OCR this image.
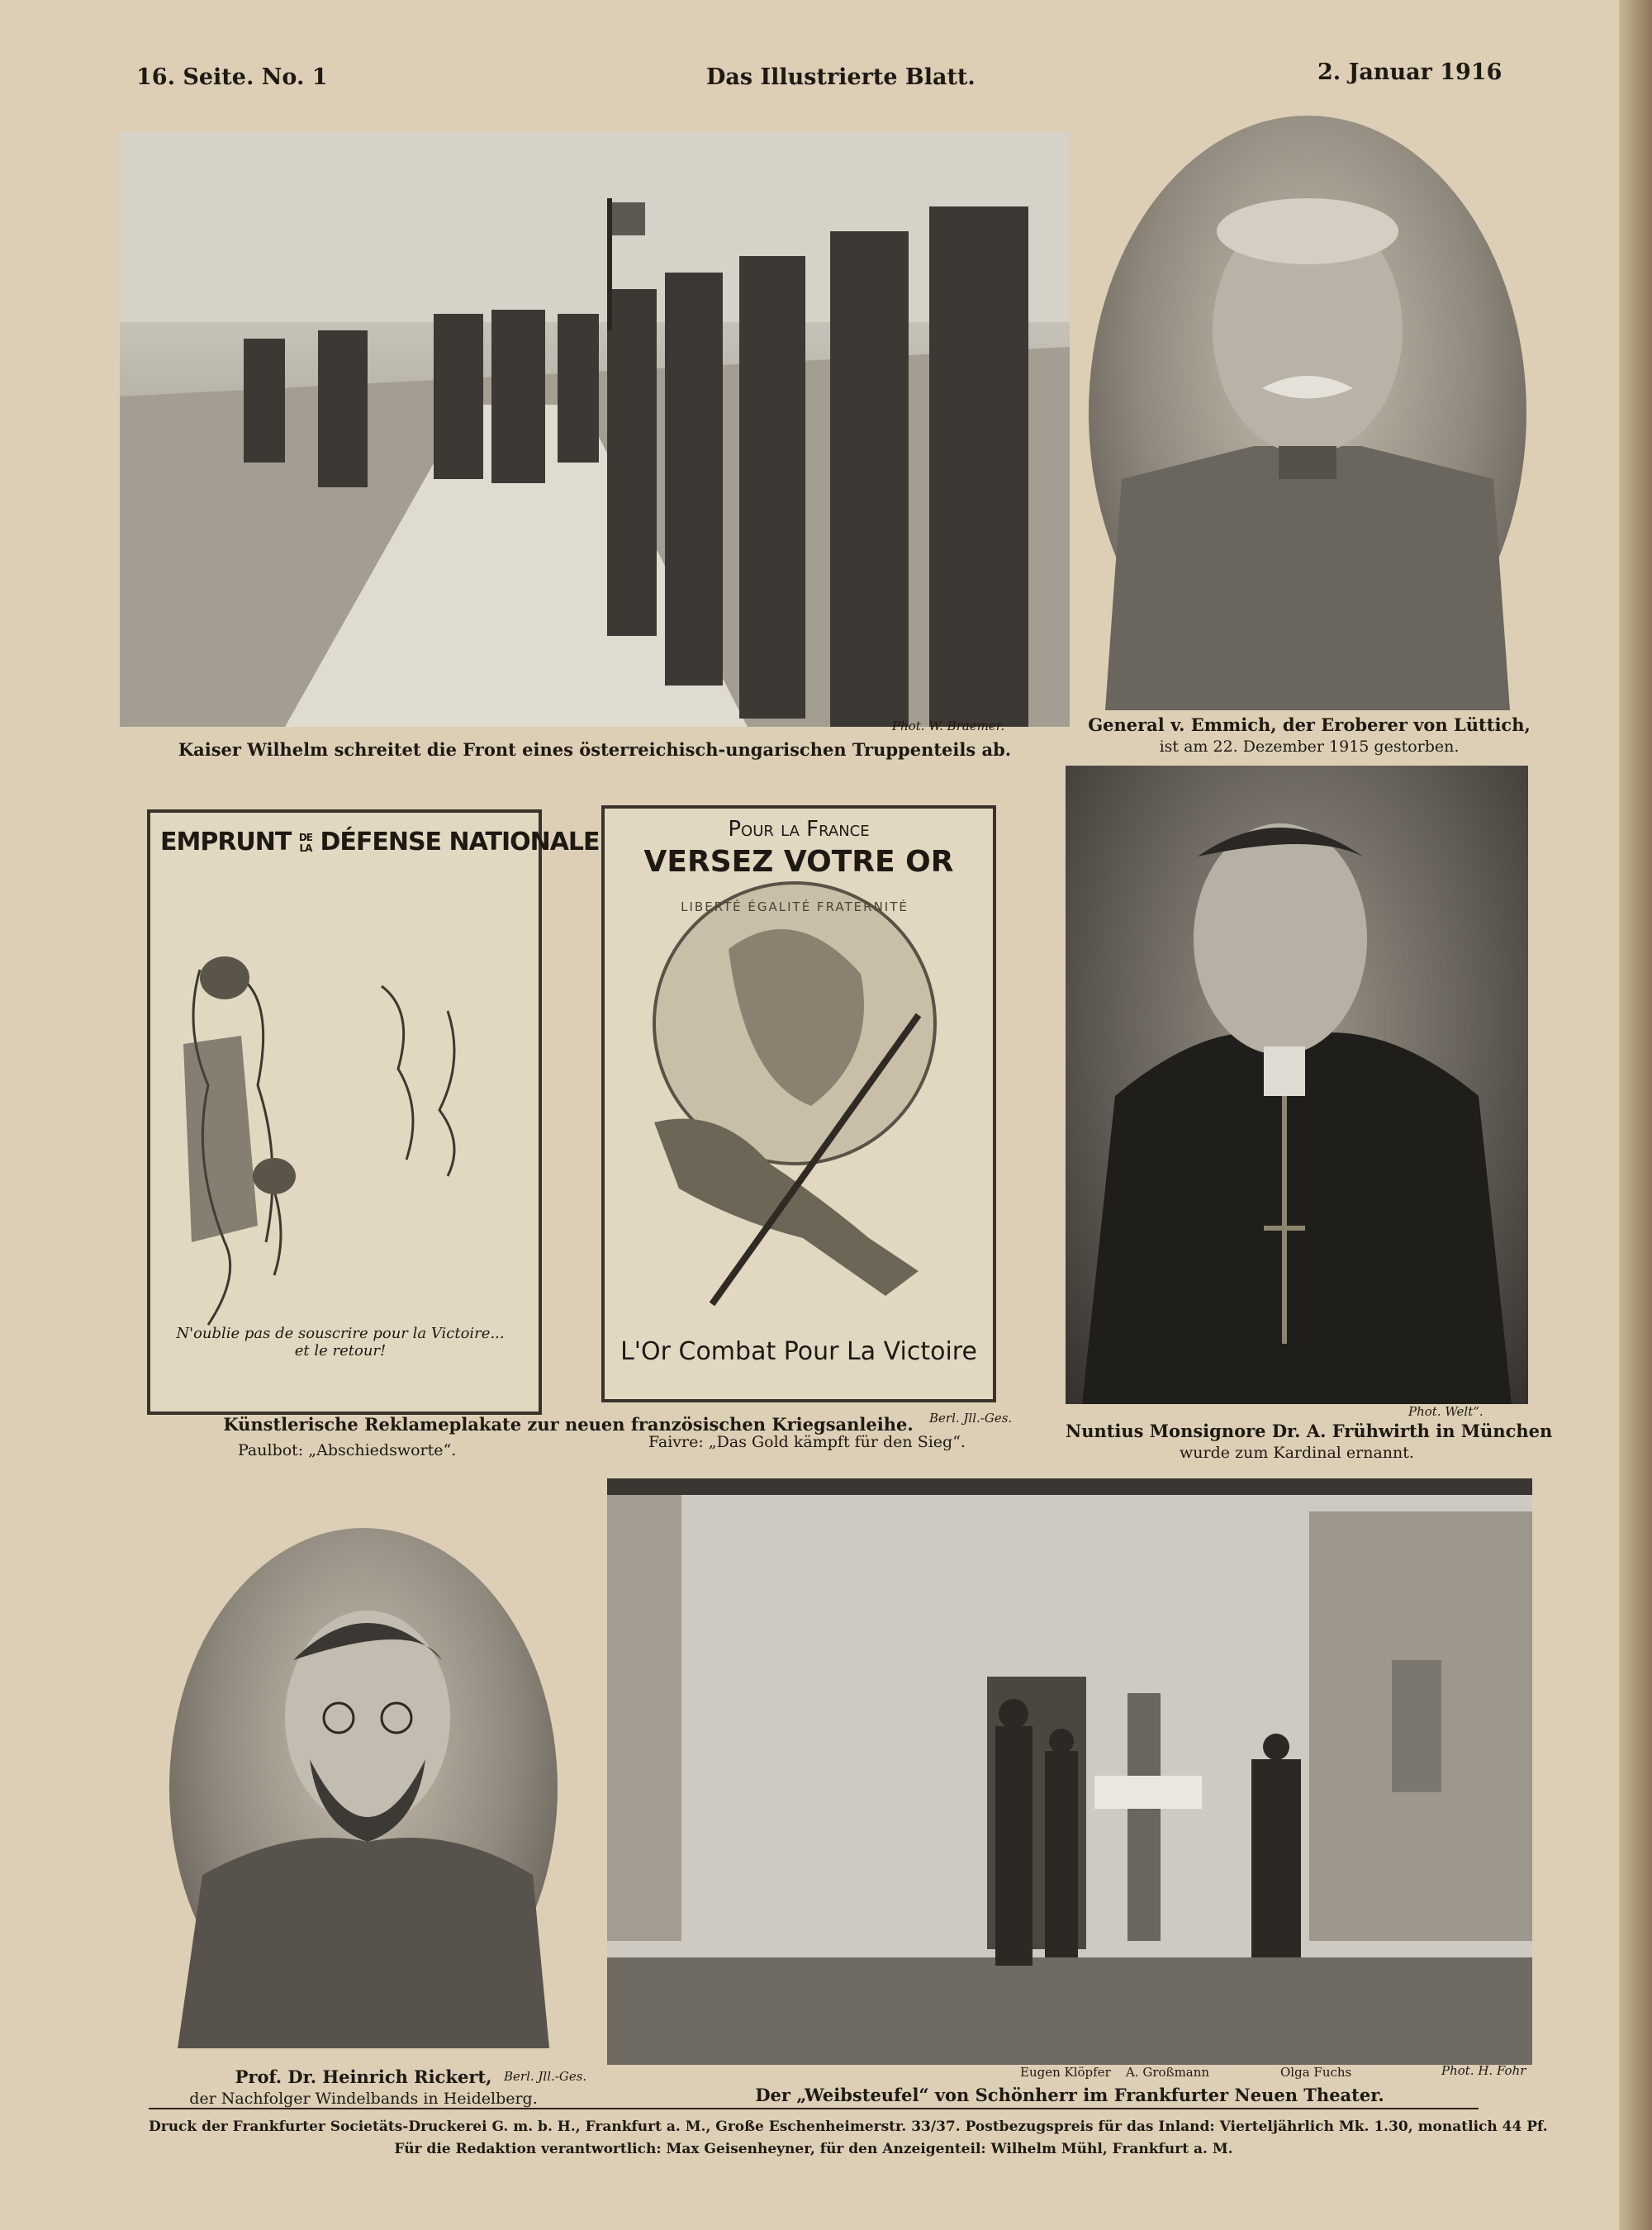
16. Seite. No. 1	Das Illustrierte Blatt.	2. Januar 1916
Phot. W. Braemer.
Kaiser Wilhelm schreitet die Front eines österreichisch-ungarischen Truppenteils ab.
General v. Emmich, der Eroberer von Lüttich,
ist am 22. Dezember 1915 gestorben.
EMPRUNT DE
LA DÉFENSE NATIONALE
N'oublie pas de souscrire pour la Victoire... et le retour!
Pour la France
VERSEZ VOTRE OR
LIBERTÉ ÉGALITÉ FRATERNITÉ
L'Or Combat Pour La Victoire
Berl. Jll.-Ges.
Künstlerische Reklameplakate zur neuen französischen Kriegsanleihe.
Paulbot: „Abschiedsworte“.	Faivre: „Das Gold kämpft für den Sieg“.
Phot. Welt“.
Nuntius Monsignore Dr. A. Frühwirth in München
wurde zum Kardinal ernannt.
Berl. Jll.-Ges.
Prof. Dr. Heinrich Rickert,
der Nachfolger Windelbands in Heidelberg.
Eugen Klöpfer A. Großmann	Olga Fuchs	Phot. H. Fohr
Der „Weibsteufel“ von Schönherr im Frankfurter Neuen Theater.
Druck der Frankfurter Societäts-Druckerei G. m. b. H., Frankfurt a. M., Große Eschenheimerstr. 33/37. Postbezugspreis für das Inland: Vierteljährlich Mk. 1.30, monatlich 44 Pf.
Für die Redaktion verantwortlich: Max Geisenheyner, für den Anzeigenteil: Wilhelm Mühl, Frankfurt a. M.
